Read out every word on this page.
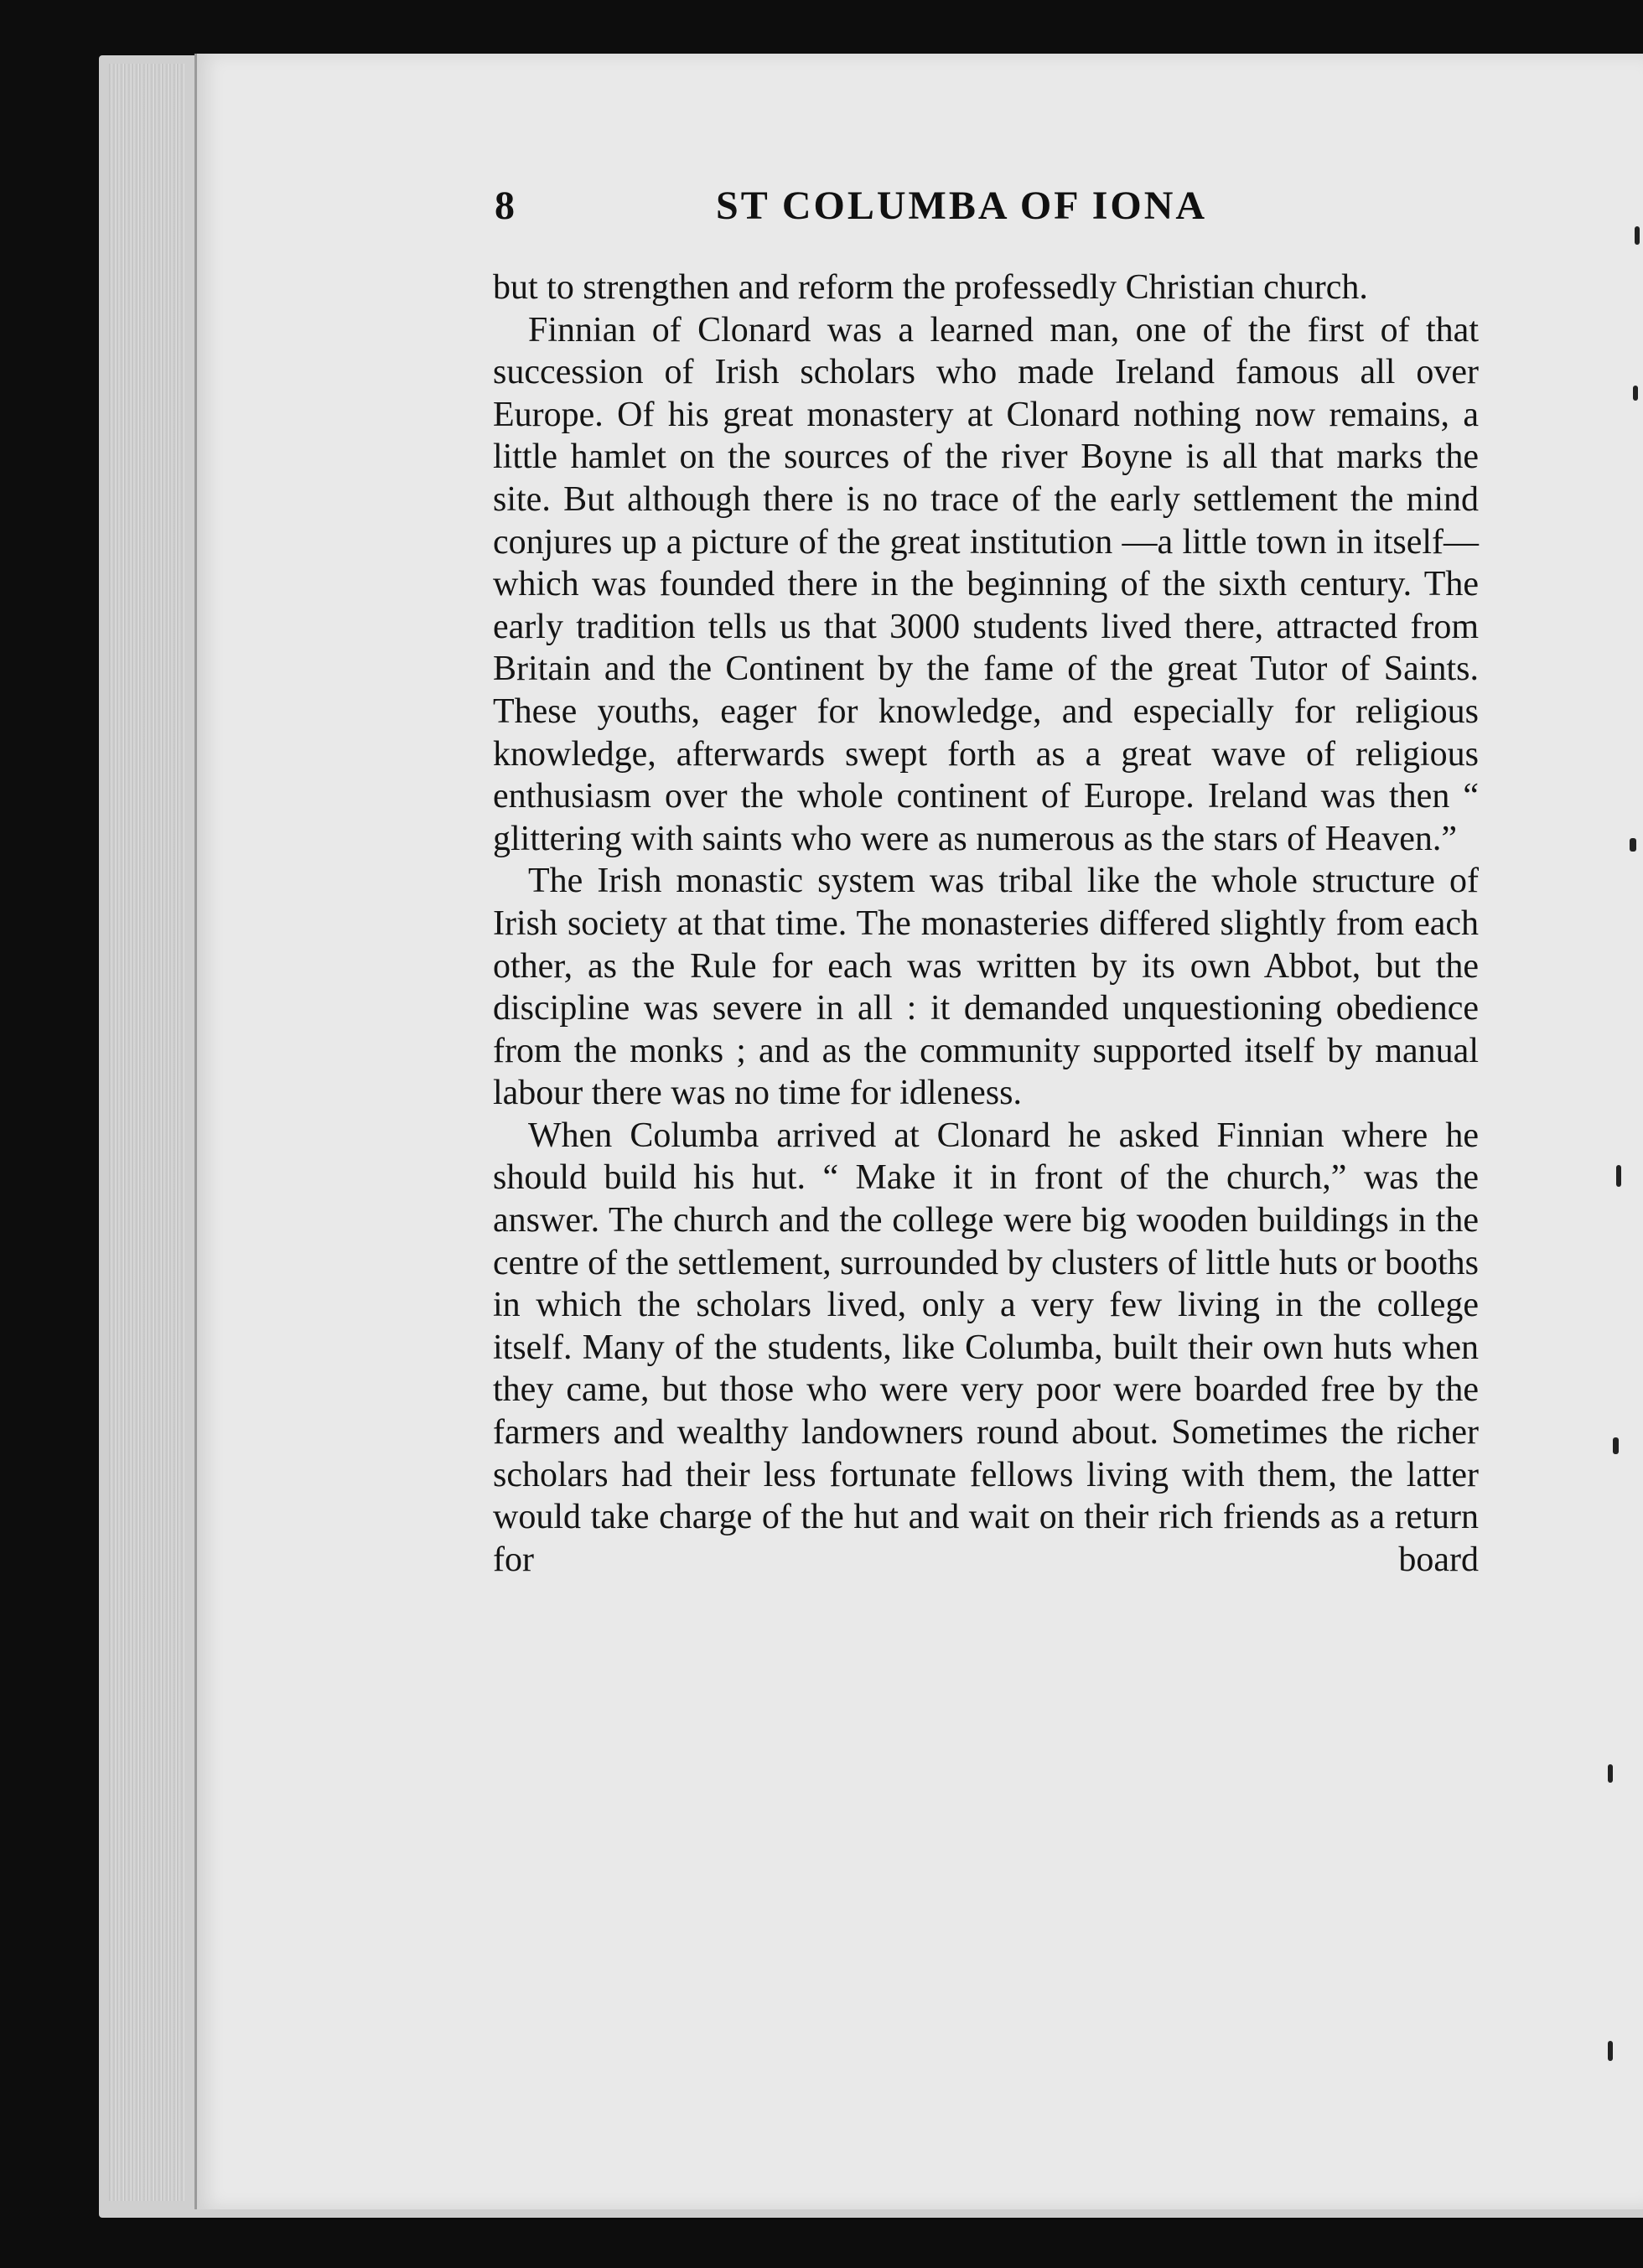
8	ST COLUMBA OF IONA

but to strengthen and reform the professedly Christian church.

Finnian of Clonard was a learned man, one of the first of that succession of Irish scholars who made Ireland famous all over Europe. Of his great monastery at Clonard nothing now remains, a little hamlet on the sources of the river Boyne is all that marks the site. But although there is no trace of the early settlement the mind conjures up a picture of the great institution —a little town in itself—which was founded there in the beginning of the sixth century. The early tradition tells us that 3000 students lived there, attracted from Britain and the Continent by the fame of the great Tutor of Saints. These youths, eager for knowledge, and especially for religious knowledge, afterwards swept forth as a great wave of religious enthusiasm over the whole continent of Europe. Ireland was then “ glittering with saints who were as numerous as the stars of Heaven.”

The Irish monastic system was tribal like the whole structure of Irish society at that time. The monasteries differed slightly from each other, as the Rule for each was written by its own Abbot, but the discipline was severe in all : it demanded unquestioning obedience from the monks ; and as the community supported itself by manual labour there was no time for idleness.

When Columba arrived at Clonard he asked Finnian where he should build his hut. “ Make it in front of the church,” was the answer. The church and the college were big wooden buildings in the centre of the settlement, surrounded by clusters of little huts or booths in which the scholars lived, only a very few living in the college itself. Many of the students, like Columba, built their own huts when they came, but those who were very poor were boarded free by the farmers and wealthy landowners round about. Sometimes the richer scholars had their less fortunate fellows living with them, the latter would take charge of the hut and wait on their rich friends as a return for board
